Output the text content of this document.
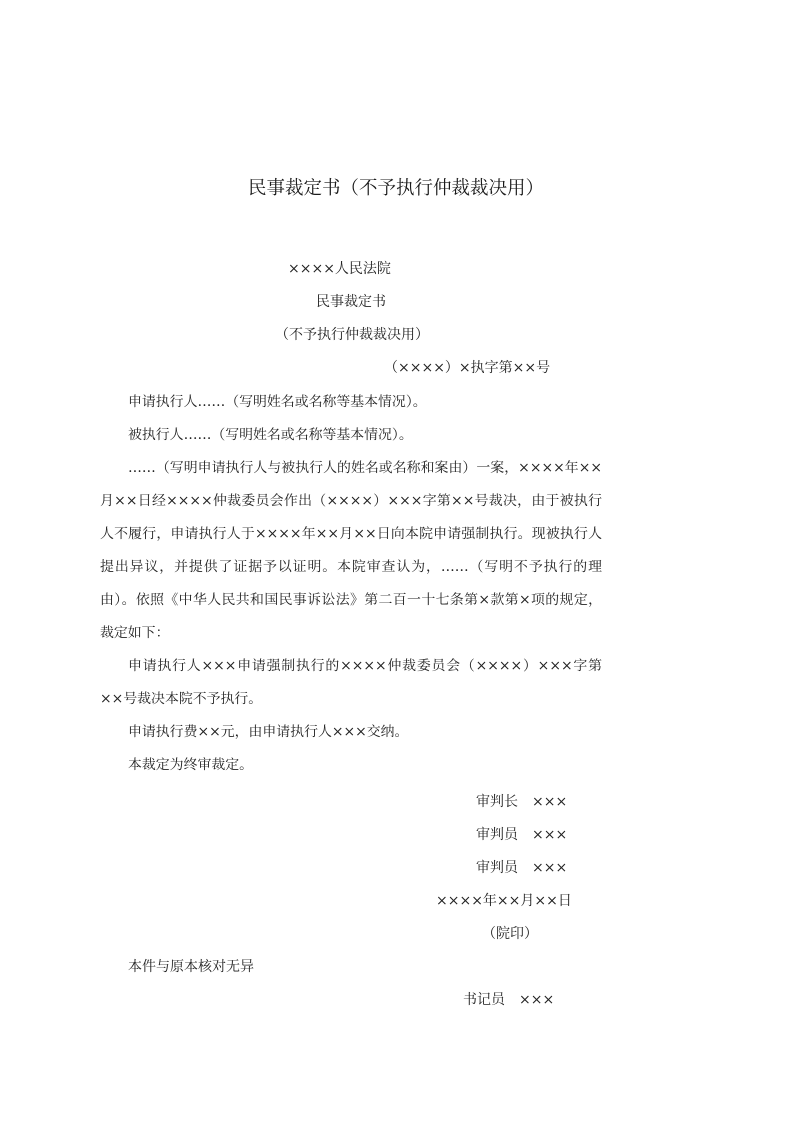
民事裁定书（不予执行仲裁裁决用）
××××人民法院
民事裁定书
（不予执行仲裁裁决用）
（××××）×执字第××号

申请执行人……（写明姓名或名称等基本情况）。

被执行人……（写明姓名或名称等基本情况）。

……（写明申请执行人与被执行人的姓名或名称和案由）一案，××××年××月××日经××××仲裁委员会作出（××××）×××字第××号裁决，由于被执行人不履行，申请执行人于××××年××月××日向本院申请强制执行。现被执行人提出异议，并提供了证据予以证明。本院审查认为，……（写明不予执行的理由）。依照《中华人民共和国民事诉讼法》第二百一十七条第×款第×项的规定，裁定如下：

申请执行人×××申请强制执行的××××仲裁委员会（××××）×××字第××号裁决本院不予执行。

申请执行费××元，由申请执行人×××交纳。

本裁定为终审裁定。

审判长　×××
审判员　×××
审判员　×××
××××年××月××日
（院印）
本件与原本核对无异
书记员　×××
